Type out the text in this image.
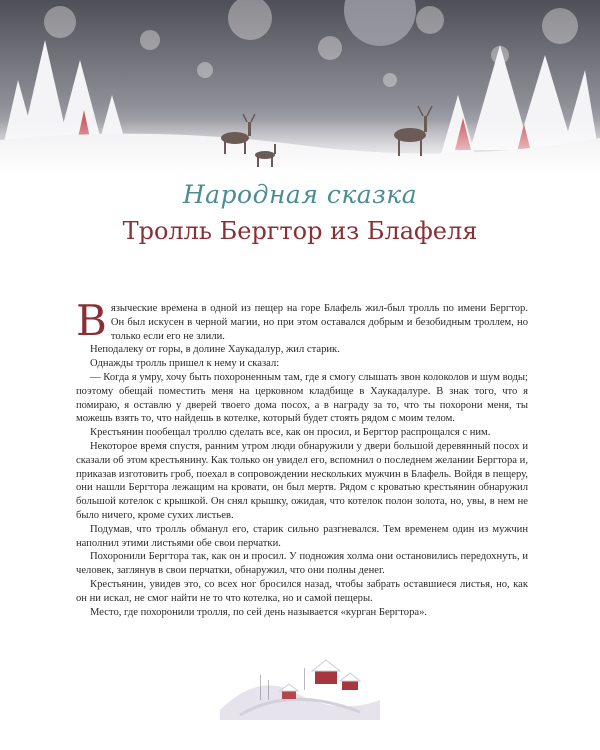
Народная сказка

Тролль Бергтор из Блафеля

Вязычеcкие времена в одной из пещер на горе Блафель жил-был тролль по имени Бергтор. Он был искусен в черной магии, но при этом оставался добрым и безобидным троллем, но только если его не злили.

Неподалеку от горы, в долине Хаукадалур, жил старик.

Однажды тролль пришел к нему и сказал:

— Когда я умру, хочу быть похороненным там, где я смогу слышать звон колоколов и шум воды; поэтому обещай поместить меня на церковном кладбище в Хаукадалуре. В знак того, что я помираю, я оставлю у дверей твоего дома посох, а в награду за то, что ты похорони меня, ты можешь взять то, что найдешь в котелке, который будет стоять рядом с моим телом.

Крестьянин пообещал троллю сделать все, как он просил, и Бергтор распрощался с ним.

Некоторое время спустя, ранним утром люди обнаружили у двери большой деревянный посох и сказали об этом крестьянину. Как только он увидел его, вспомнил о последнем желании Бергтора и, приказав изготовить гроб, поехал в сопровождении нескольких мужчин в Блафель. Войдя в пещеру, они нашли Бергтора лежащим на кровати, он был мертв. Рядом с кроватью крестьянин обнаружил большой котелок с крышкой. Он снял крышку, ожидая, что котелок полон золота, но, увы, в нем не было ничего, кроме сухих листьев.

Подумав, что тролль обманул его, старик сильно разгневался. Тем временем один из мужчин наполнил этими листьями обе свои перчатки.

Похоронили Бергтора так, как он и просил. У подножия холма они остановились передохнуть, и человек, заглянув в свои перчатки, обнаружил, что они полны денег.

Крестьянин, увидев это, со всех ног бросился назад, чтобы забрать оставшиеся листья, но, как он ни искал, не смог найти не то что котелка, но и самой пещеры.

Место, где похоронили тролля, по сей день называется «курган Бергтора».
